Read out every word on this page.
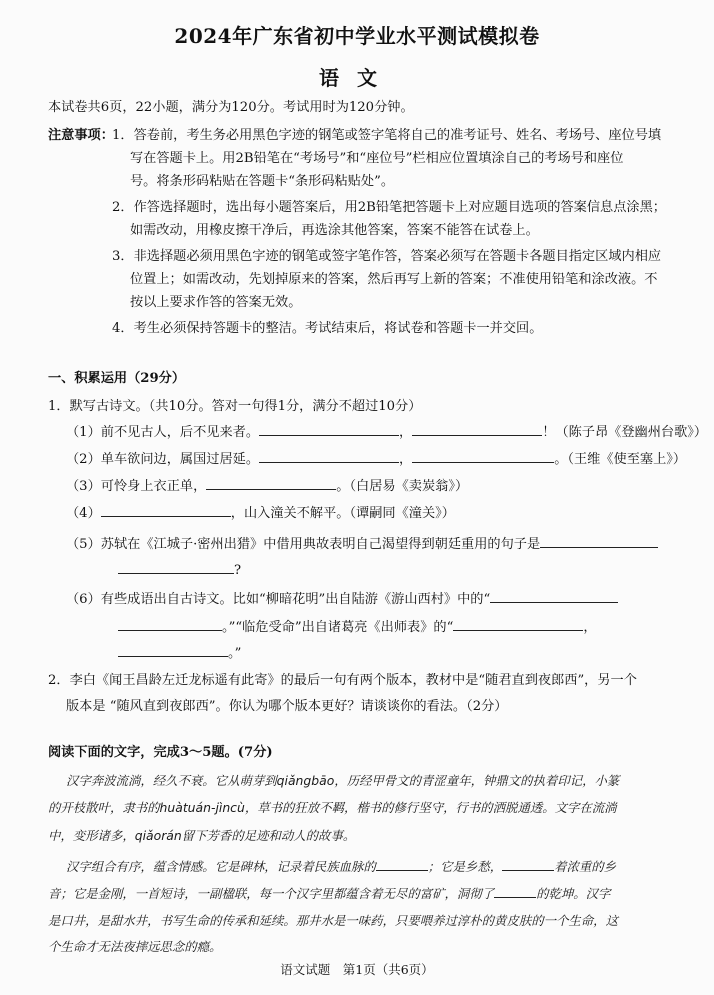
2024年广东省初中学业水平测试模拟卷
语文
本试卷共6页，22小题，满分为120分。考试用时为120分钟。
注意事项：
1．答卷前，考生务必用黑色字迹的钢笔或签字笔将自己的准考证号、姓名、考场号、座位号填
写在答题卡上。用2B铅笔在“考场号”和“座位号”栏相应位置填涂自己的考场号和座位
号。将条形码粘贴在答题卡“条形码粘贴处”。
2．作答选择题时，选出每小题答案后，用2B铅笔把答题卡上对应题目选项的答案信息点涂黑；
如需改动，用橡皮擦干净后，再选涂其他答案，答案不能答在试卷上。
3．非选择题必须用黑色字迹的钢笔或签字笔作答，答案必须写在答题卡各题目指定区域内相应
位置上；如需改动，先划掉原来的答案，然后再写上新的答案；不准使用铅笔和涂改液。不
按以上要求作答的答案无效。
4．考生必须保持答题卡的整洁。考试结束后，将试卷和答题卡一并交回。
一、积累运用（29分）
1．默写古诗文。（共10分。答对一句得1分，满分不超过10分）
（1）前不见古人，后不见来者。	，	！（陈子昂《登幽州台歌》）
（2）单车欲问边，属国过居延。	，	。（王维《使至塞上》）
（3）可怜身上衣正单，	。（白居易《卖炭翁》）
（4）	，山入潼关不解平。（谭嗣同《潼关》）
（5）苏轼在《江城子·密州出猎》中借用典故表明自己渴望得到朝廷重用的句子是
?
（6）有些成语出自古诗文。比如“柳暗花明”出自陆游《游山西村》中的“
。”“临危受命”出自诸葛亮《出师表》的“	，
。”
2．李白《闻王昌龄左迁龙标遥有此寄》的最后一句有两个版本，教材中是“随君直到夜郎西”，另一个
版本是 “随风直到夜郎西”。你认为哪个版本更好？请谈谈你的看法。（2分）
阅读下面的文字，完成3～5题。(7分)
汉字奔波流淌，经久不衰。它从萌芽到qiǎngbāo，历经甲骨文的青涩童年，钟鼎文的执着印记，小篆
的开枝散叶，隶书的huàtuán-jìncù，草书的狂放不羁，楷书的修行坚守，行书的洒脱通透。文字在流淌
中，变形诸多，qiǎorán留下芳香的足迹和动人的故事。
汉字组合有序，蕴含情感。它是碑林，记录着民族血脉的	；它是乡愁，	着浓重的乡
音；它是金刚，一首短诗，一副楹联，每一个汉字里都蕴含着无尽的富矿，洞彻了	的乾坤。汉字
是口井，是甜水井，书写生命的传承和延续。那井水是一味药，只要喂养过淳朴的黄皮肤的一个生命，这
个生命才无法夜摔远思念的瘾。
语文试题　第1页（共6页）
